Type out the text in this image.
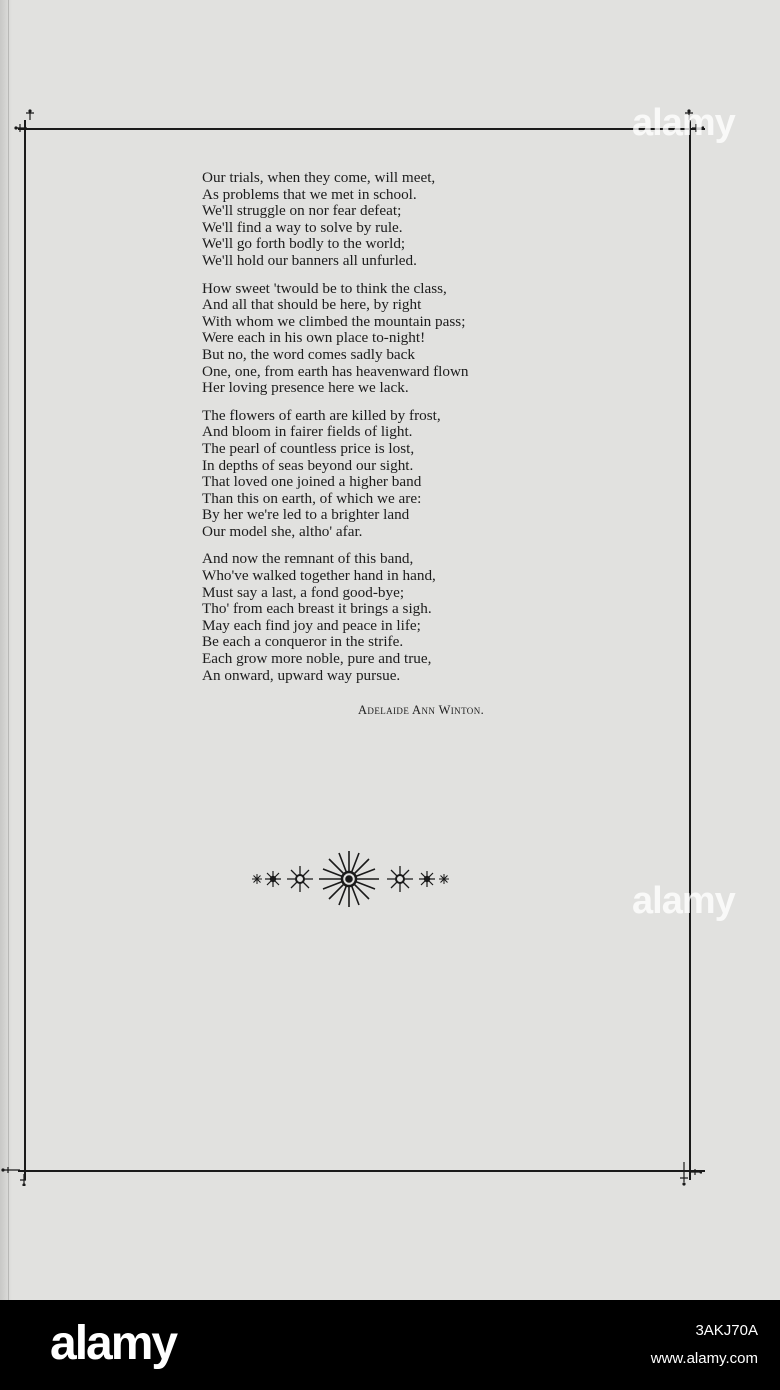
Our trials, when they come, will meet,
As problems that we met in school.
We'll struggle on nor fear defeat;
We'll find a way to solve by rule.
We'll go forth bodly to the world;
We'll hold our banners all unfurled.
How sweet 'twould be to think the class,
And all that should be here, by right
With whom we climbed the mountain pass;
Were each in his own place to-night!
But no, the word comes sadly back
One, one, from earth has heavenward flown
Her loving presence here we lack.
The flowers of earth are killed by frost,
And bloom in fairer fields of light.
The pearl of countless price is lost,
In depths of seas beyond our sight.
That loved one joined a higher band
Than this on earth, of which we are:
By her we're led to a brighter land
Our model she, altho' afar.
And now the remnant of this band,
Who've walked together hand in hand,
Must say a last, a fond good-bye;
Tho' from each breast it brings a sigh.
May each find joy and peace in life;
Be each a conqueror in the strife.
Each grow more noble, pure and true,
An onward, upward way pursue.
Adelaide Ann Winton.
alamy
alamy
alamy	3AKJ70A
www.alamy.com
